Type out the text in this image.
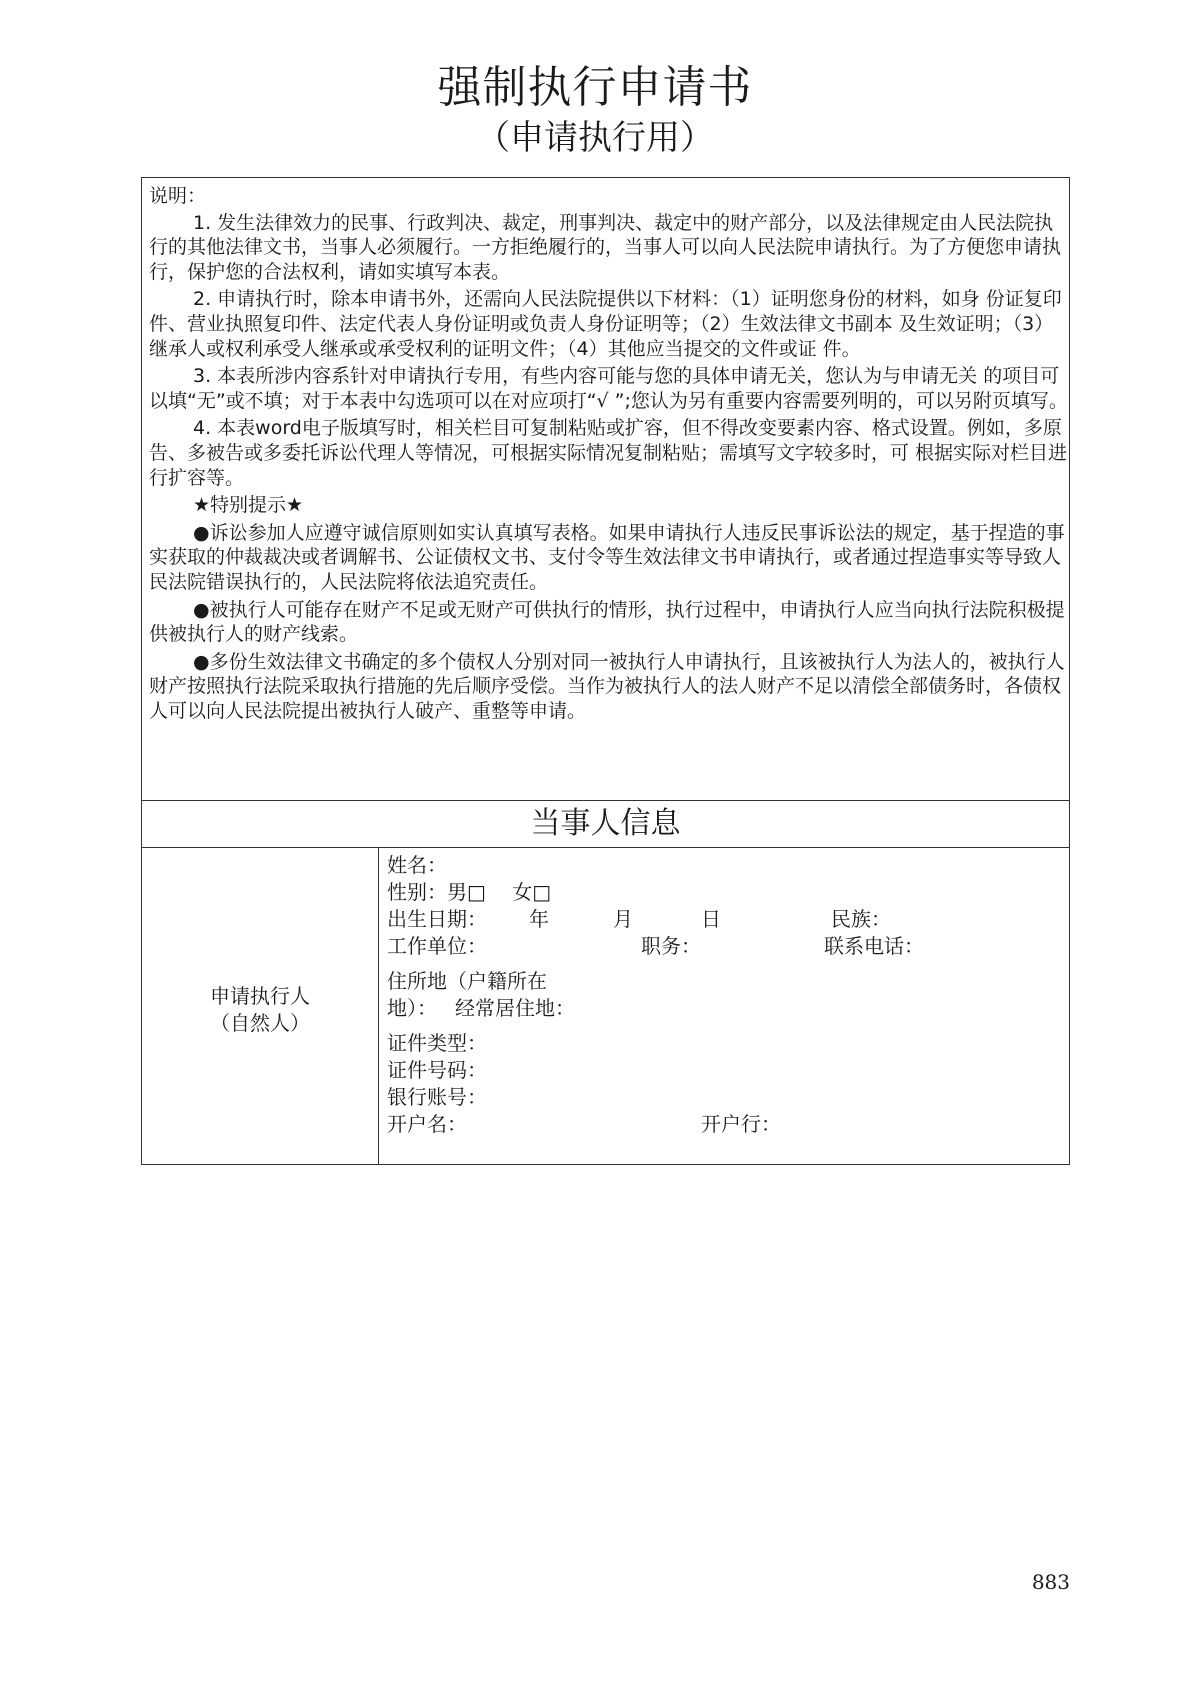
强制执行申请书
（申请执行用）

说明：

1. 发生法律效力的民事、行政判决、裁定，刑事判决、裁定中的财产部分，以及法律规定由人民法院执行的其他法律文书，当事人必须履行。一方拒绝履行的，当事人可以向人民法院申请执行。为了方便您申请执行，保护您的合法权利，请如实填写本表。

2. 申请执行时，除本申请书外，还需向人民法院提供以下材料：（1）证明您身份的材料，如身 份证复印件、营业执照复印件、法定代表人身份证明或负责人身份证明等；（2）生效法律文书副本 及生效证明；（3）继承人或权利承受人继承或承受权利的证明文件；（4）其他应当提交的文件或证 件。

3. 本表所涉内容系针对申请执行专用，有些内容可能与您的具体申请无关，您认为与申请无关 的项目可以填“无”或不填；对于本表中勾选项可以在对应项打“√ ”;您认为另有重要内容需要列明的，可以另附页填写。

4. 本表word电子版填写时，相关栏目可复制粘贴或扩容，但不得改变要素内容、格式设置。例如，多原告、多被告或多委托诉讼代理人等情况，可根据实际情况复制粘贴；需填写文字较多时，可 根据实际对栏目进行扩容等。

★特别提示★

●诉讼参加人应遵守诚信原则如实认真填写表格。如果申请执行人违反民事诉讼法的规定，基于捏造的事实获取的仲裁裁决或者调解书、公证债权文书、支付令等生效法律文书申请执行，或者通过捏造事实等导致人民法院错误执行的，人民法院将依法追究责任。

●被执行人可能存在财产不足或无财产可供执行的情形，执行过程中，申请执行人应当向执行法院积极提供被执行人的财产线索。

●多份生效法律文书确定的多个债权人分别对同一被执行人申请执行，且该被执行人为法人的，被执行人财产按照执行法院采取执行措施的先后顺序受偿。当作为被执行人的法人财产不足以清偿全部债务时，各债权人可以向人民法院提出被执行人破产、重整等申请。

当事人信息
申请执行人
（自然人）
姓名：
性别：男□　 女□
出生日期： 年	月	日	民族：
工作单位：	职务：	联系电话：
住所地（户籍所在
地）： 经常居住地：
证件类型：
证件号码：
银行账号：
开户名：	开户行：
883
